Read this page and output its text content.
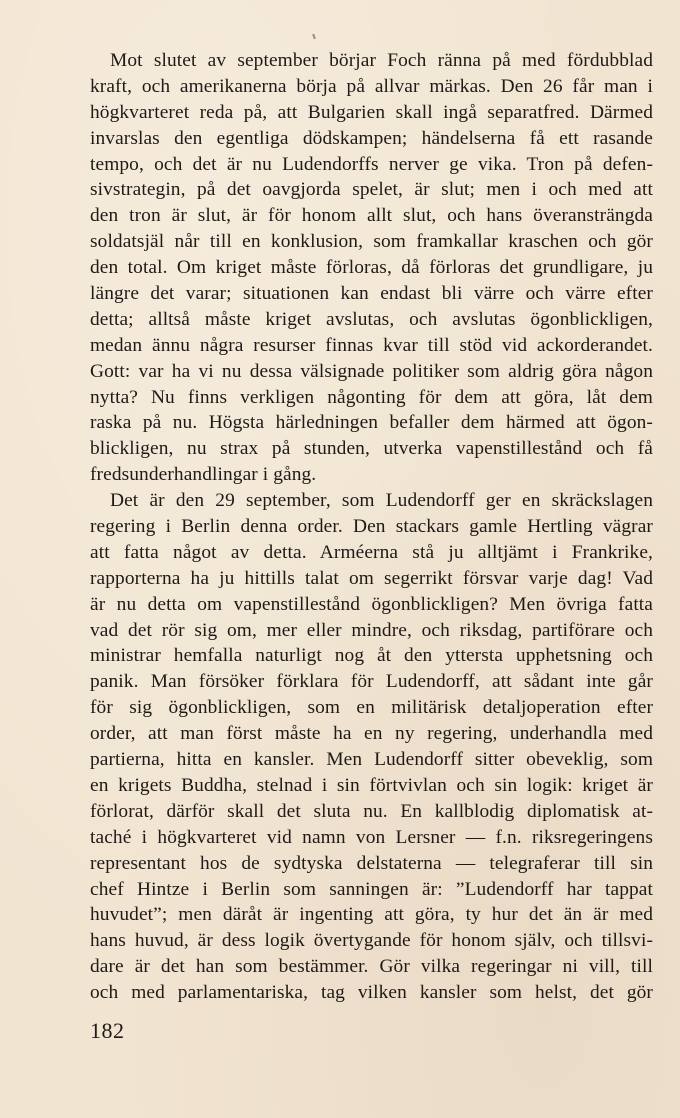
Mot slutet av september börjar Foch ränna på med fördubblad
kraft, och amerikanerna börja på allvar märkas. Den 26 får man i
högkvarteret reda på, att Bulgarien skall ingå separatfred. Därmed
invarslas den egentliga dödskampen; händelserna få ett rasande
tempo, och det är nu Ludendorffs nerver ge vika. Tron på defen-
sivstrategin, på det oavgjorda spelet, är slut; men i och med att
den tron är slut, är för honom allt slut, och hans överansträngda
soldatsjäl når till en konklusion, som framkallar kraschen och gör
den total. Om kriget måste förloras, då förloras det grundligare, ju
längre det varar; situationen kan endast bli värre och värre efter
detta; alltså måste kriget avslutas, och avslutas ögonblickligen,
medan ännu några resurser finnas kvar till stöd vid ackorderandet.
Gott: var ha vi nu dessa välsignade politiker som aldrig göra någon
nytta? Nu finns verkligen någonting för dem att göra, låt dem
raska på nu. Högsta härledningen befaller dem härmed att ögon-
blickligen, nu strax på stunden, utverka vapenstillestånd och få
fredsunderhandlingar i gång.

Det är den 29 september, som Ludendorff ger en skräckslagen
regering i Berlin denna order. Den stackars gamle Hertling vägrar
att fatta något av detta. Arméerna stå ju alltjämt i Frankrike,
rapporterna ha ju hittills talat om segerrikt försvar varje dag! Vad
är nu detta om vapenstillestånd ögonblickligen? Men övriga fatta
vad det rör sig om, mer eller mindre, och riksdag, partiförare och
ministrar hemfalla naturligt nog åt den yttersta upphetsning och
panik. Man försöker förklara för Ludendorff, att sådant inte går
för sig ögonblickligen, som en militärisk detaljoperation efter
order, att man först måste ha en ny regering, underhandla med
partierna, hitta en kansler. Men Ludendorff sitter obeveklig, som
en krigets Buddha, stelnad i sin förtvivlan och sin logik: kriget är
förlorat, därför skall det sluta nu. En kallblodig diplomatisk at-
taché i högkvarteret vid namn von Lersner — f.n. riksregeringens
representant hos de sydtyska delstaterna — telegraferar till sin
chef Hintze i Berlin som sanningen är: ”Ludendorff har tappat
huvudet”; men däråt är ingenting att göra, ty hur det än är med
hans huvud, är dess logik övertygande för honom själv, och tillsvi-
dare är det han som bestämmer. Gör vilka regeringar ni vill, till
och med parlamentariska, tag vilken kansler som helst, det gör

182
